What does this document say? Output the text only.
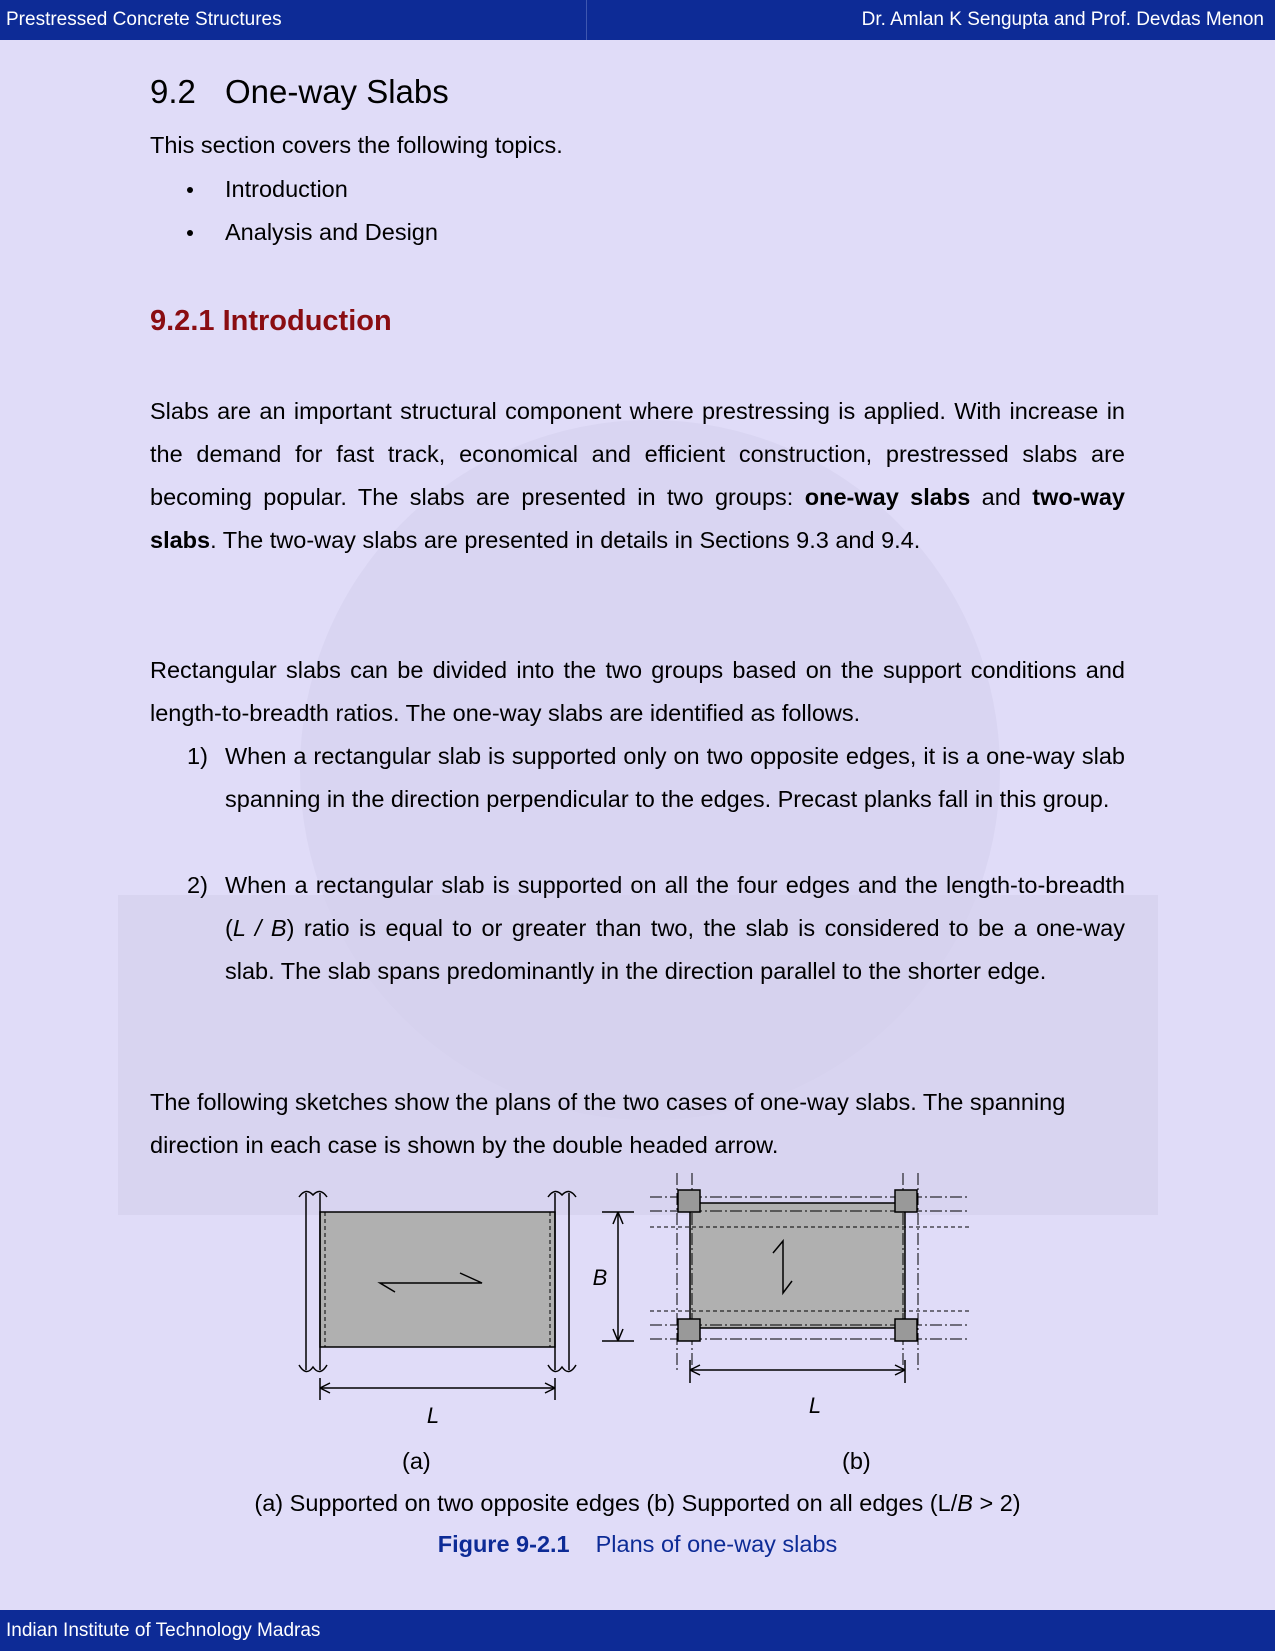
Prestressed Concrete Structures	Dr. Amlan K Sengupta and Prof. Devdas Menon
9.2 One-way Slabs
This section covers the following topics.
Introduction
Analysis and Design
9.2.1 Introduction
Slabs are an important structural component where prestressing is applied. With increase in the demand for fast track, economical and efficient construction, prestressed slabs are becoming popular. The slabs are presented in two groups: one-way slabs and two-way slabs. The two-way slabs are presented in details in Sections 9.3 and 9.4.
Rectangular slabs can be divided into the two groups based on the support conditions and length-to-breadth ratios. The one-way slabs are identified as follows.
1) When a rectangular slab is supported only on two opposite edges, it is a one-way slab spanning in the direction perpendicular to the edges. Precast planks fall in this group.
2) When a rectangular slab is supported on all the four edges and the length-to-breadth (L / B) ratio is equal to or greater than two, the slab is considered to be a one-way slab. The slab spans predominantly in the direction parallel to the shorter edge.
The following sketches show the plans of the two cases of one-way slabs. The spanning direction in each case is shown by the double headed arrow.
L
B
L
(a)	(b)
(a) Supported on two opposite edges (b) Supported on all edges (L/B > 2)
Figure 9-2.1 Plans of one-way slabs
Indian Institute of Technology Madras
